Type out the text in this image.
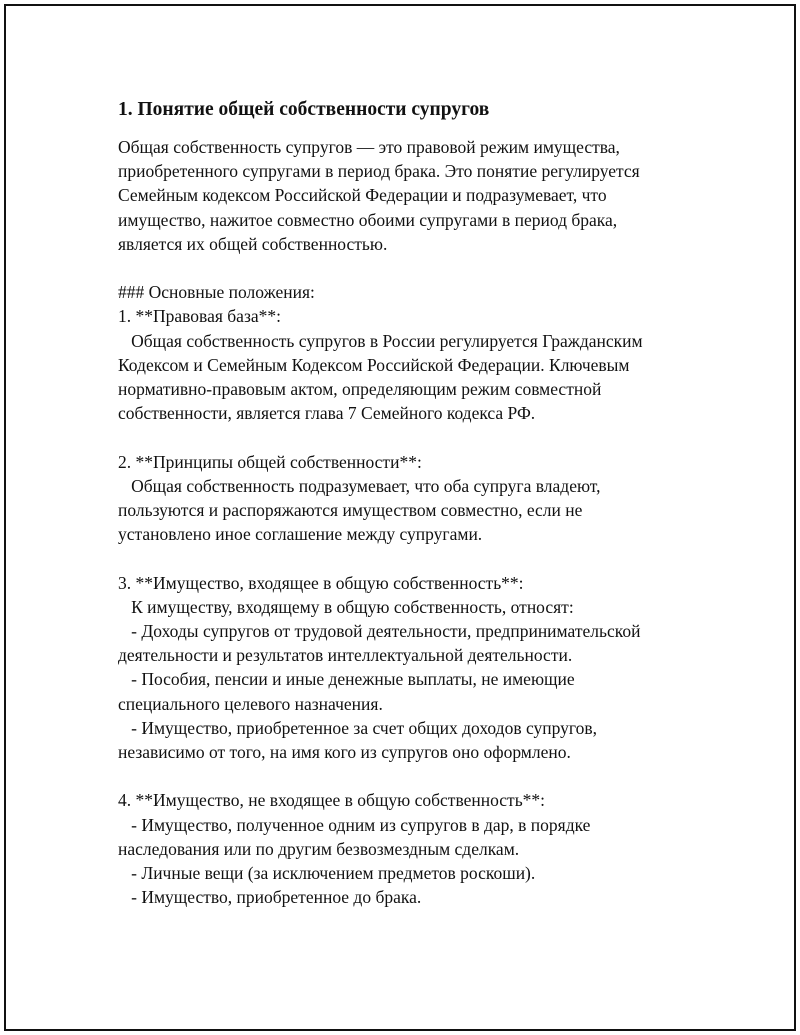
1. Понятие общей собственности супругов
Общая собственность супругов — это правовой режим имущества,
приобретенного супругами в период брака. Это понятие регулируется
Семейным кодексом Российской Федерации и подразумевает, что
имущество, нажитое совместно обоими супругами в период брака,
является их общей собственностью.
### Основные положения:
1. **Правовая база**:
Общая собственность супругов в России регулируется Гражданским
Кодексом и Семейным Кодексом Российской Федерации. Ключевым
нормативно-правовым актом, определяющим режим совместной
собственности, является глава 7 Семейного кодекса РФ.
2. **Принципы общей собственности**:
Общая собственность подразумевает, что оба супруга владеют,
пользуются и распоряжаются имуществом совместно, если не
установлено иное соглашение между супругами.
3. **Имущество, входящее в общую собственность**:
К имуществу, входящему в общую собственность, относят:
- Доходы супругов от трудовой деятельности, предпринимательской
деятельности и результатов интеллектуальной деятельности.
- Пособия, пенсии и иные денежные выплаты, не имеющие
специального целевого назначения.
- Имущество, приобретенное за счет общих доходов супругов,
независимо от того, на имя кого из супругов оно оформлено.
4. **Имущество, не входящее в общую собственность**:
- Имущество, полученное одним из супругов в дар, в порядке
наследования или по другим безвозмездным сделкам.
- Личные вещи (за исключением предметов роскоши).
- Имущество, приобретенное до брака.
